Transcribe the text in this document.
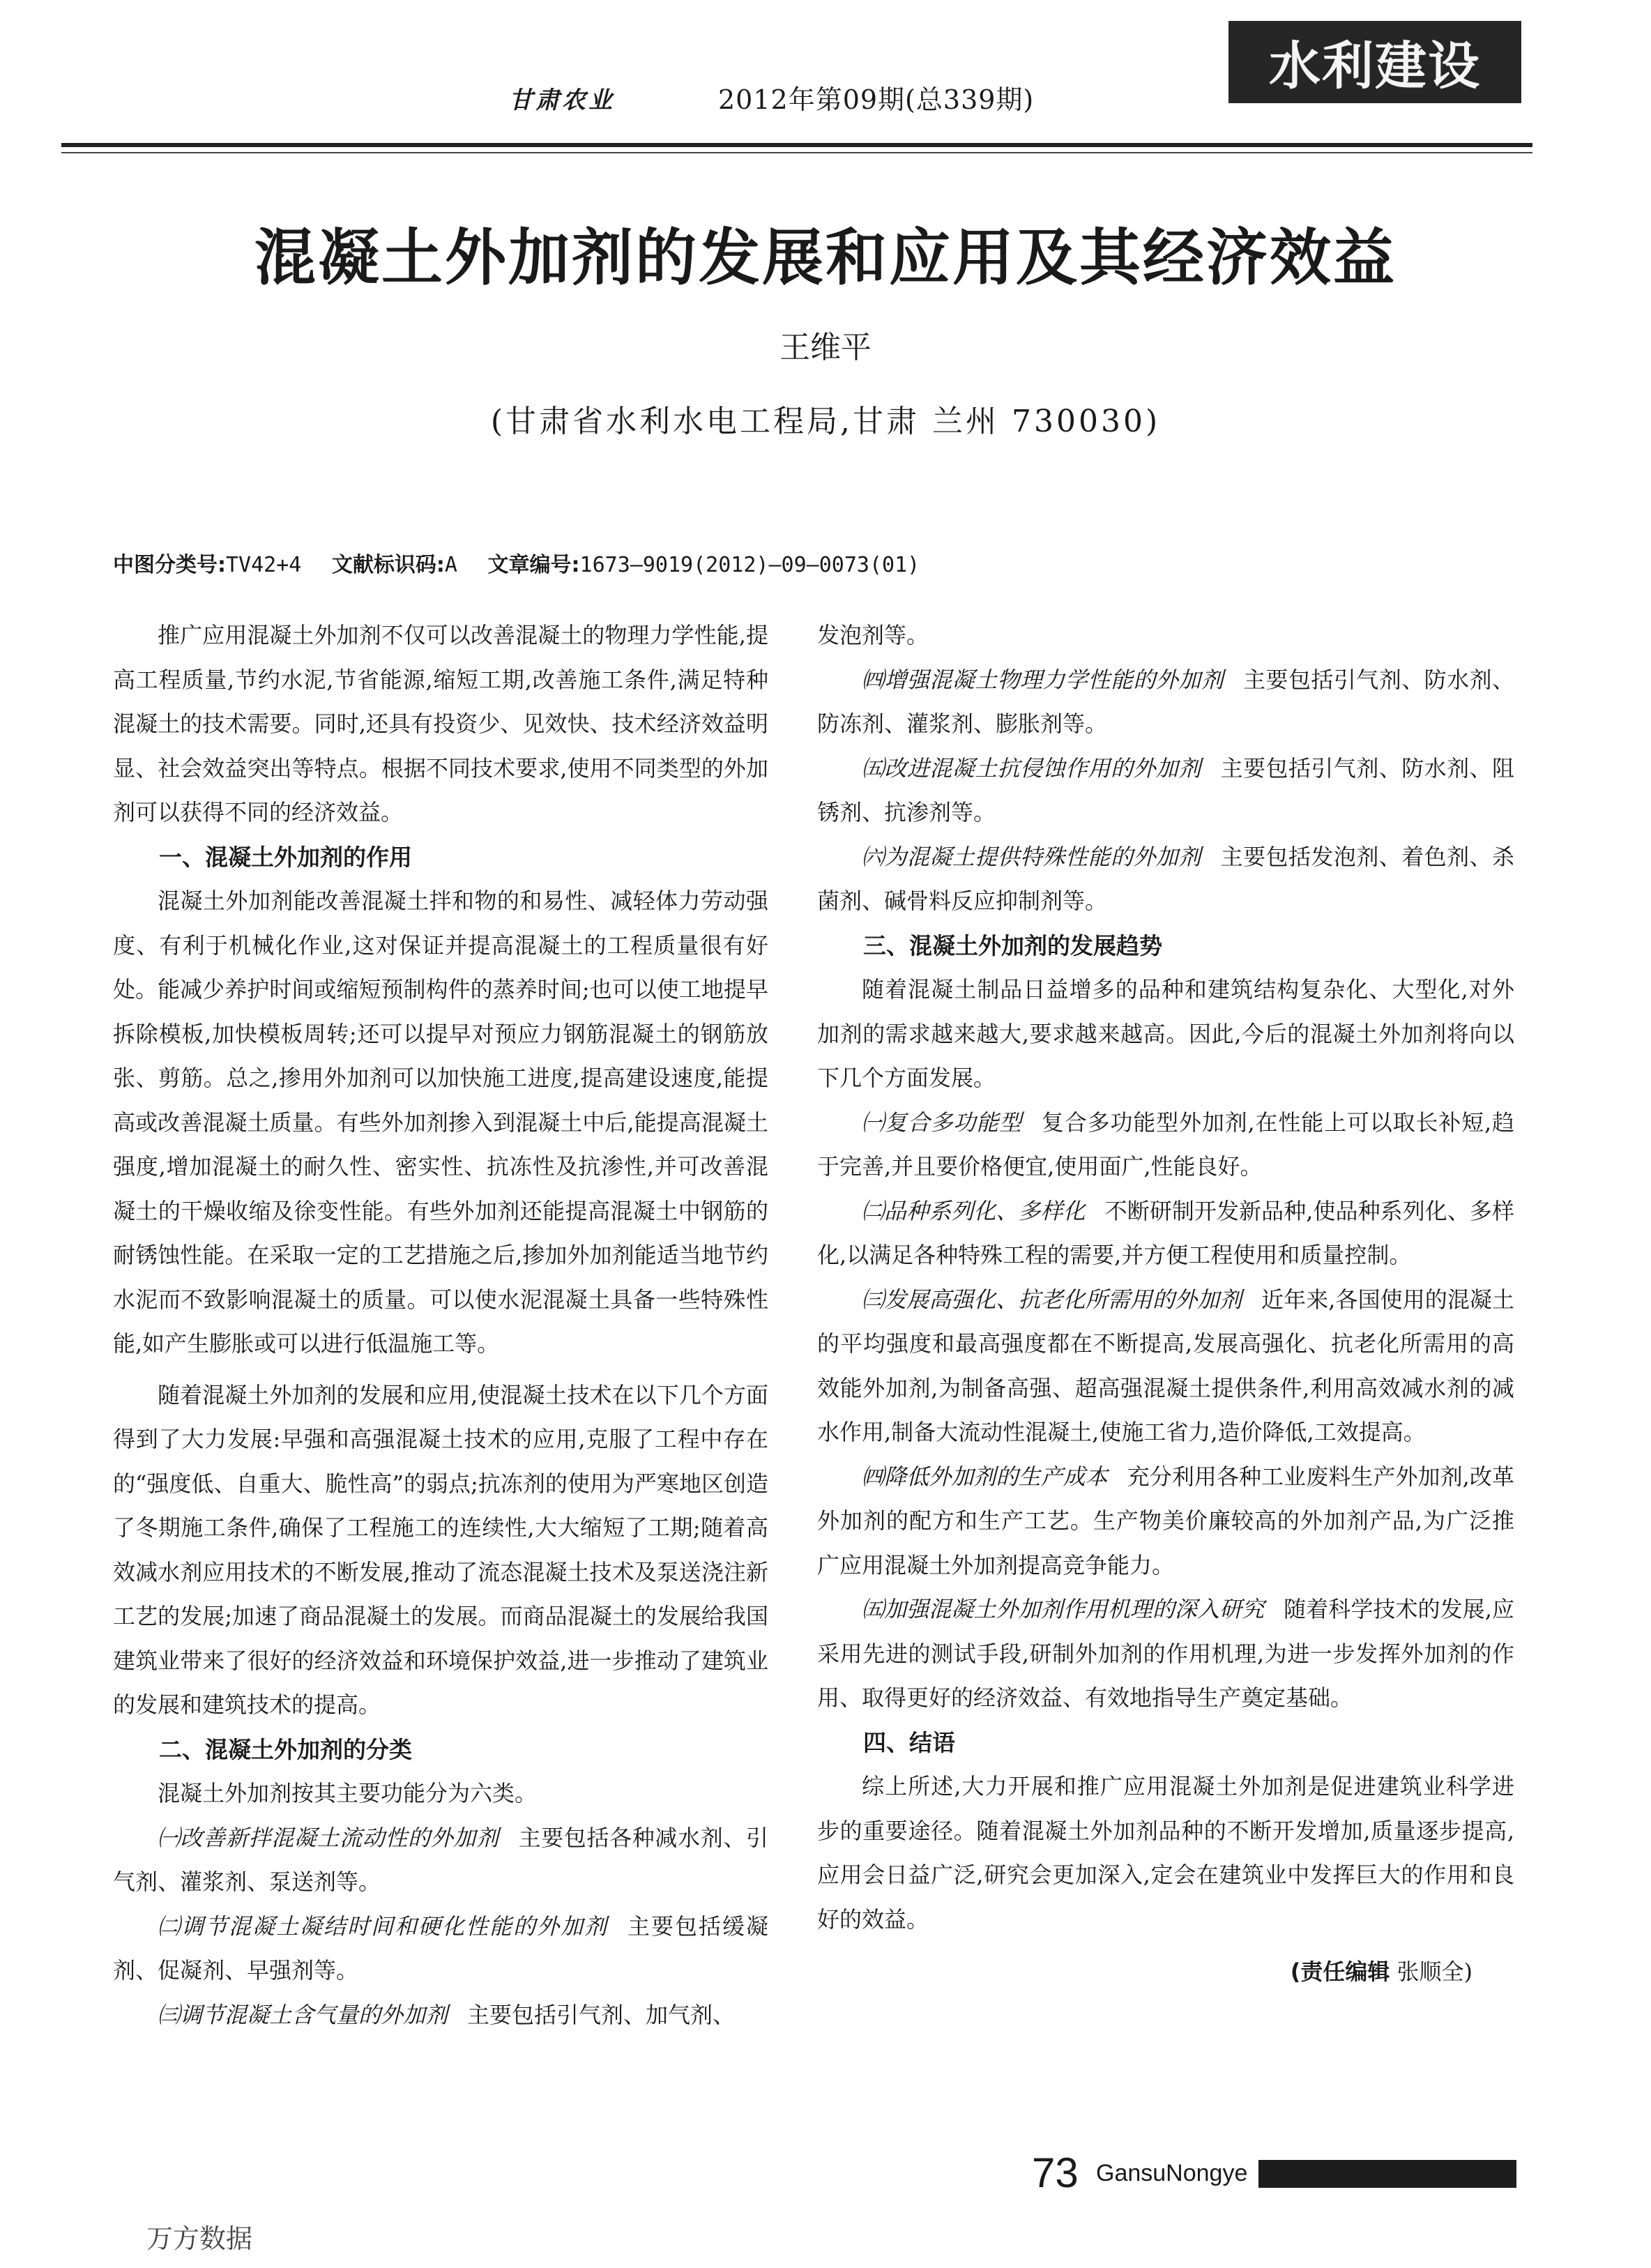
甘肃农业	2012年第09期(总339期)
水利建设
混凝土外加剂的发展和应用及其经济效益
王维平
(甘肃省水利水电工程局,甘肃 兰州 730030)
中图分类号:TV42+4 文献标识码:A 文章编号:1673—9019(2012)—09—0073(01)

推广应用混凝土外加剂不仅可以改善混凝土的物理力学性能,提高工程质量,节约水泥,节省能源,缩短工期,改善施工条件,满足特种混凝土的技术需要。同时,还具有投资少、见效快、技术经济效益明显、社会效益突出等特点。根据不同技术要求,使用不同类型的外加剂可以获得不同的经济效益。

一、混凝土外加剂的作用

混凝土外加剂能改善混凝土拌和物的和易性、减轻体力劳动强度、有利于机械化作业,这对保证并提高混凝土的工程质量很有好处。能减少养护时间或缩短预制构件的蒸养时间;也可以使工地提早拆除模板,加快模板周转;还可以提早对预应力钢筋混凝土的钢筋放张、剪筋。总之,掺用外加剂可以加快施工进度,提高建设速度,能提高或改善混凝土质量。有些外加剂掺入到混凝土中后,能提高混凝土强度,增加混凝土的耐久性、密实性、抗冻性及抗渗性,并可改善混凝土的干燥收缩及徐变性能。有些外加剂还能提高混凝土中钢筋的耐锈蚀性能。在采取一定的工艺措施之后,掺加外加剂能适当地节约水泥而不致影响混凝土的质量。可以使水泥混凝土具备一些特殊性能,如产生膨胀或可以进行低温施工等。

随着混凝土外加剂的发展和应用,使混凝土技术在以下几个方面得到了大力发展:早强和高强混凝土技术的应用,克服了工程中存在的“强度低、自重大、脆性高”的弱点;抗冻剂的使用为严寒地区创造了冬期施工条件,确保了工程施工的连续性,大大缩短了工期;随着高效减水剂应用技术的不断发展,推动了流态混凝土技术及泵送浇注新工艺的发展;加速了商品混凝土的发展。而商品混凝土的发展给我国建筑业带来了很好的经济效益和环境保护效益,进一步推动了建筑业的发展和建筑技术的提高。

二、混凝土外加剂的分类

混凝土外加剂按其主要功能分为六类。

㈠改善新拌混凝土流动性的外加剂 主要包括各种减水剂、引气剂、灌浆剂、泵送剂等。

㈡调节混凝土凝结时间和硬化性能的外加剂 主要包括缓凝剂、促凝剂、早强剂等。

㈢调节混凝土含气量的外加剂 主要包括引气剂、加气剂、

发泡剂等。

㈣增强混凝土物理力学性能的外加剂 主要包括引气剂、防水剂、防冻剂、灌浆剂、膨胀剂等。

㈤改进混凝土抗侵蚀作用的外加剂 主要包括引气剂、防水剂、阻锈剂、抗渗剂等。

㈥为混凝土提供特殊性能的外加剂 主要包括发泡剂、着色剂、杀菌剂、碱骨料反应抑制剂等。

三、混凝土外加剂的发展趋势

随着混凝土制品日益增多的品种和建筑结构复杂化、大型化,对外加剂的需求越来越大,要求越来越高。因此,今后的混凝土外加剂将向以下几个方面发展。

㈠复合多功能型 复合多功能型外加剂,在性能上可以取长补短,趋于完善,并且要价格便宜,使用面广,性能良好。

㈡品种系列化、多样化 不断研制开发新品种,使品种系列化、多样化,以满足各种特殊工程的需要,并方便工程使用和质量控制。

㈢发展高强化、抗老化所需用的外加剂 近年来,各国使用的混凝土的平均强度和最高强度都在不断提高,发展高强化、抗老化所需用的高效能外加剂,为制备高强、超高强混凝土提供条件,利用高效减水剂的减水作用,制备大流动性混凝土,使施工省力,造价降低,工效提高。

㈣降低外加剂的生产成本 充分利用各种工业废料生产外加剂,改革外加剂的配方和生产工艺。生产物美价廉较高的外加剂产品,为广泛推广应用混凝土外加剂提高竞争能力。

㈤加强混凝土外加剂作用机理的深入研究 随着科学技术的发展,应采用先进的测试手段,研制外加剂的作用机理,为进一步发挥外加剂的作用、取得更好的经济效益、有效地指导生产奠定基础。

四、结语

综上所述,大力开展和推广应用混凝土外加剂是促进建筑业科学进步的重要途径。随着混凝土外加剂品种的不断开发增加,质量逐步提高,应用会日益广泛,研究会更加深入,定会在建筑业中发挥巨大的作用和良好的效益。

(责任编辑 张顺全)
73 GansuNongye
万方数据
